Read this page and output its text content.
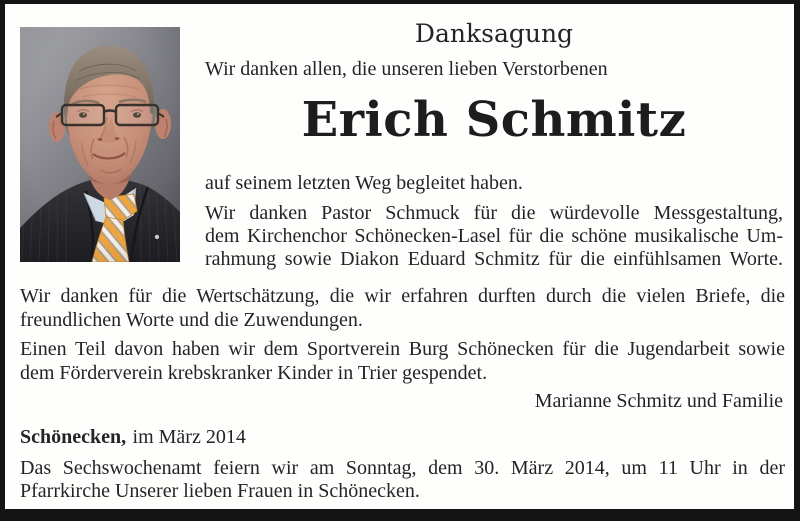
Danksagung
Wir danken allen, die unseren lieben Verstorbenen
Erich Schmitz
auf seinem letzten Weg begleitet haben.
Wir danken Pastor Schmuck für die würdevolle Messgestaltung,
dem Kirchenchor Schönecken-Lasel für die schöne musikalische Um-
rahmung sowie Diakon Eduard Schmitz für die einfühlsamen Worte.
Wir danken für die Wertschätzung, die wir erfahren durften durch die vielen Briefe, die
freundlichen Worte und die Zuwendungen.
Einen Teil davon haben wir dem Sportverein Burg Schönecken für die Jugendarbeit sowie
dem Förderverein krebskranker Kinder in Trier gespendet.
Marianne Schmitz und Familie
Schönecken, im März 2014
Das Sechswochenamt feiern wir am Sonntag, dem 30. März 2014, um 11 Uhr in der
Pfarrkirche Unserer lieben Frauen in Schönecken.
